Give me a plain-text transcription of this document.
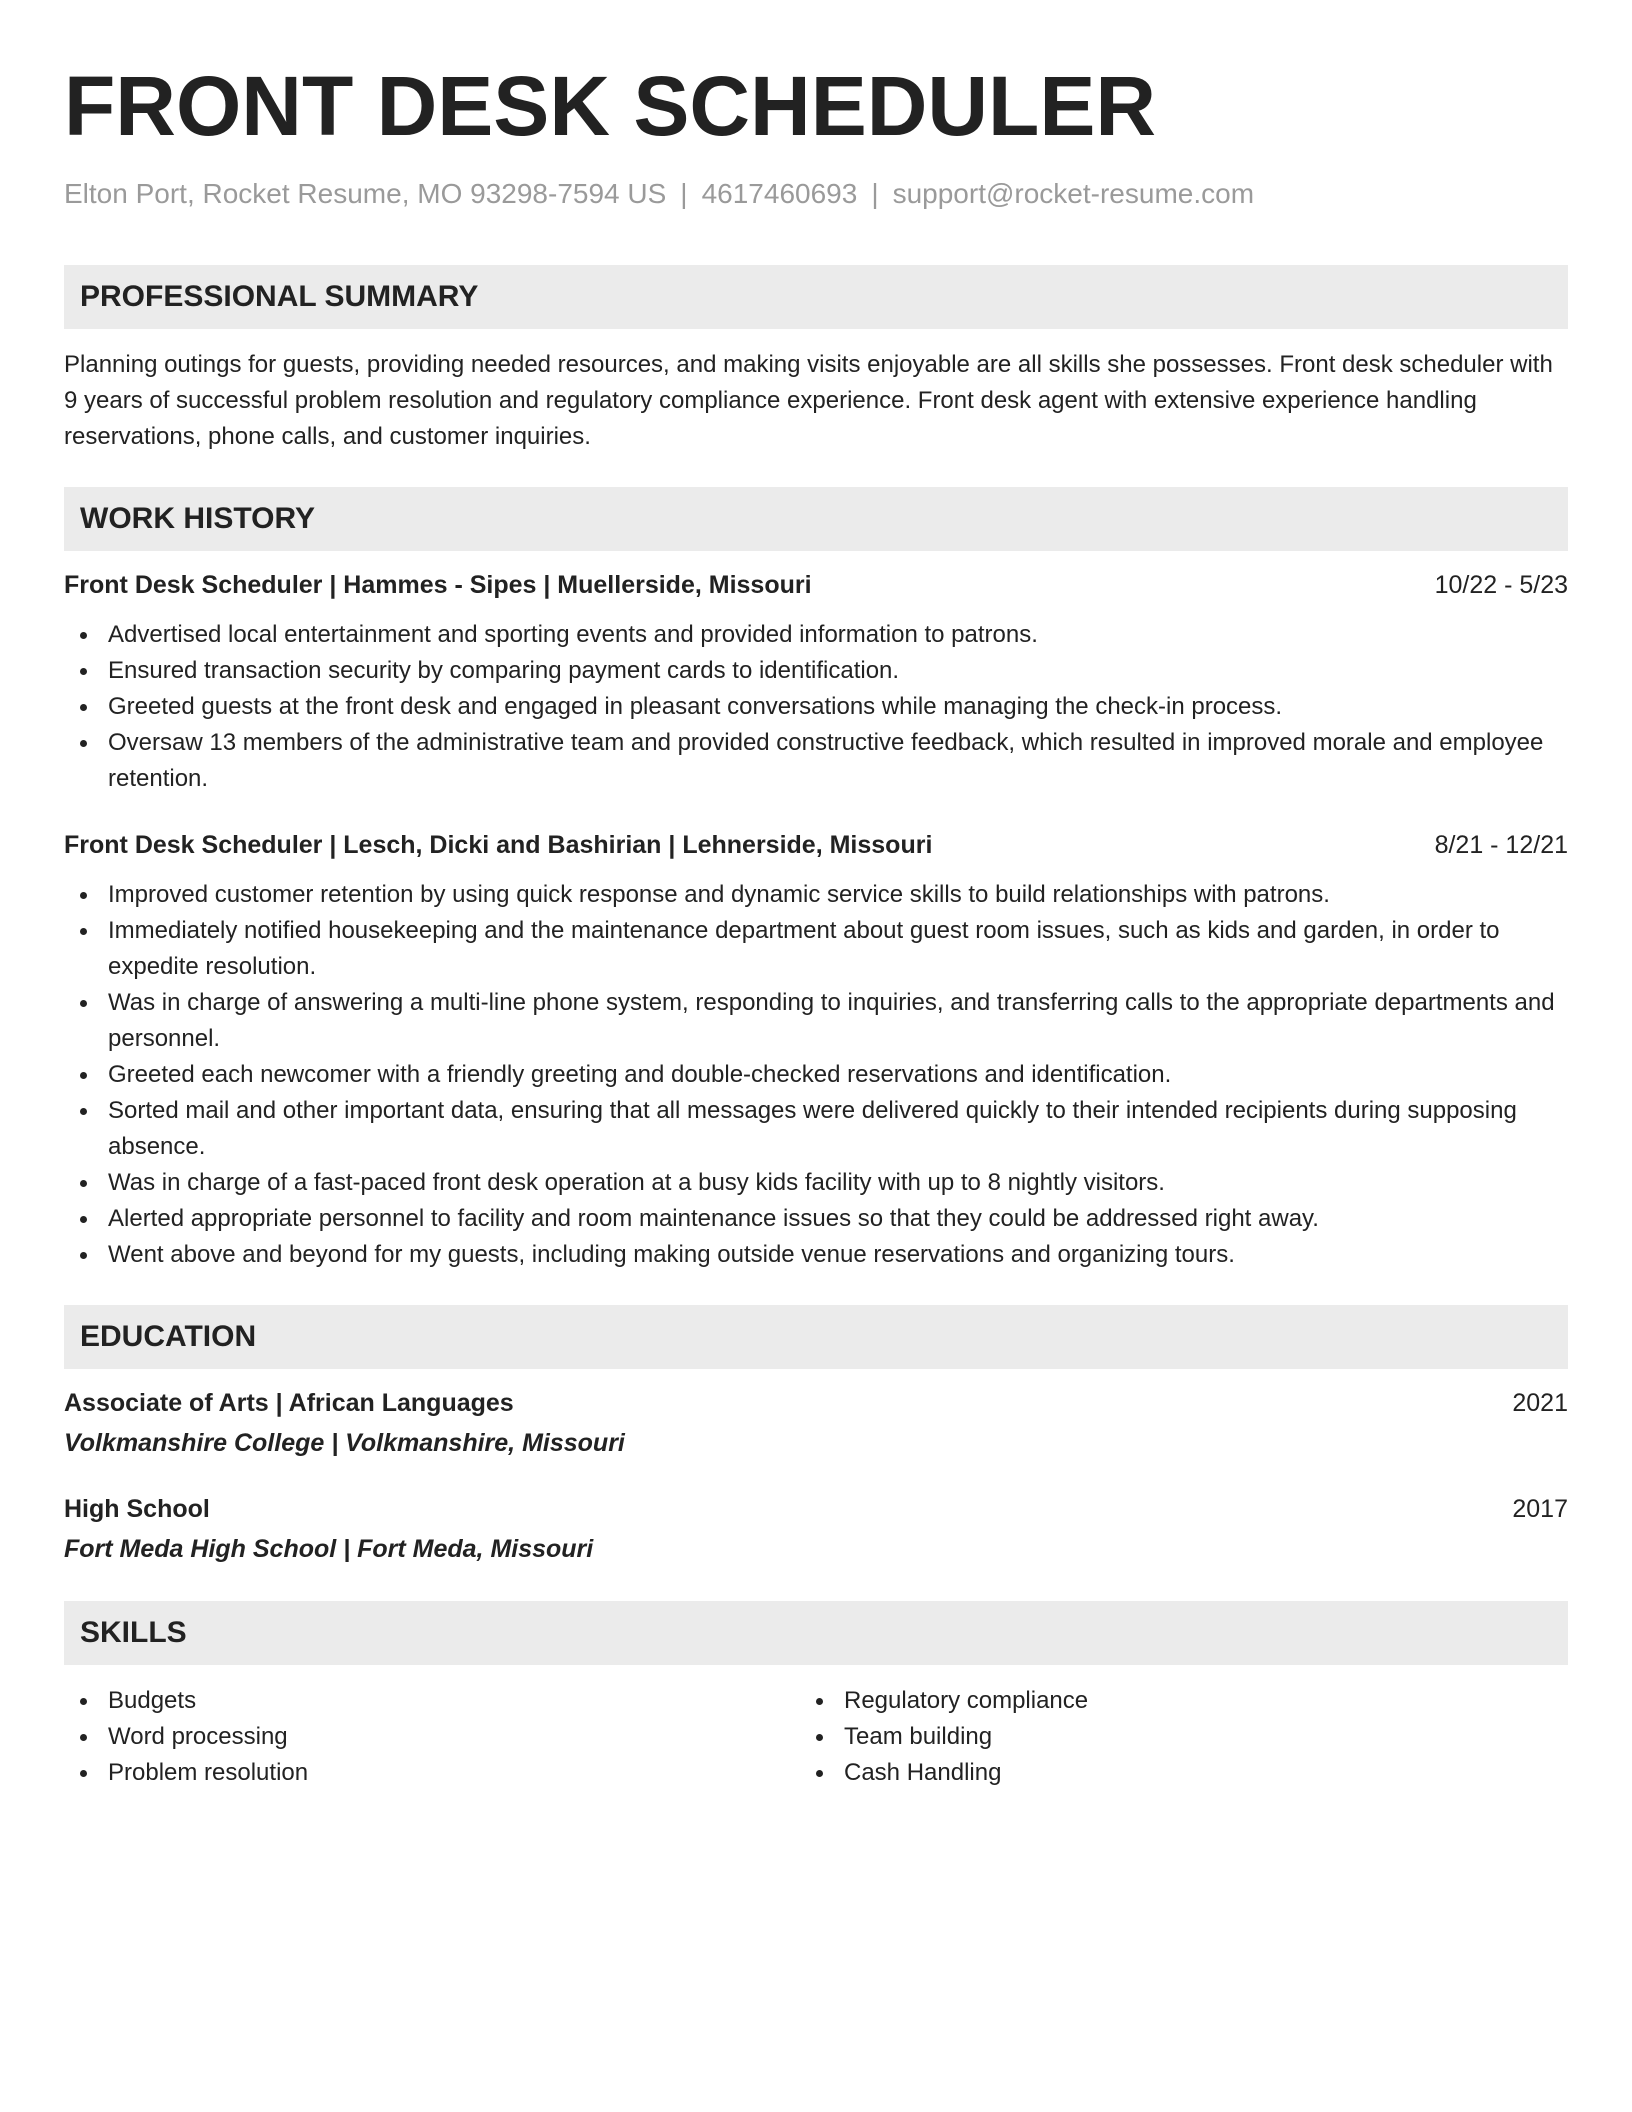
FRONT DESK SCHEDULER
Elton Port, Rocket Resume, MO 93298-7594 US | 4617460693 | support@rocket-resume.com
PROFESSIONAL SUMMARY
Planning outings for guests, providing needed resources, and making visits enjoyable are all skills she possesses. Front desk scheduler with 9 years of successful problem resolution and regulatory compliance experience. Front desk agent with extensive experience handling reservations, phone calls, and customer inquiries.
WORK HISTORY
Front Desk Scheduler | Hammes - Sipes | Muellerside, Missouri	10/22 - 5/23
Advertised local entertainment and sporting events and provided information to patrons.
Ensured transaction security by comparing payment cards to identification.
Greeted guests at the front desk and engaged in pleasant conversations while managing the check-in process.
Oversaw 13 members of the administrative team and provided constructive feedback, which resulted in improved morale and employee retention.
Front Desk Scheduler | Lesch, Dicki and Bashirian | Lehnerside, Missouri	8/21 - 12/21
Improved customer retention by using quick response and dynamic service skills to build relationships with patrons.
Immediately notified housekeeping and the maintenance department about guest room issues, such as kids and garden, in order to expedite resolution.
Was in charge of answering a multi-line phone system, responding to inquiries, and transferring calls to the appropriate departments and personnel.
Greeted each newcomer with a friendly greeting and double-checked reservations and identification.
Sorted mail and other important data, ensuring that all messages were delivered quickly to their intended recipients during supposing absence.
Was in charge of a fast-paced front desk operation at a busy kids facility with up to 8 nightly visitors.
Alerted appropriate personnel to facility and room maintenance issues so that they could be addressed right away.
Went above and beyond for my guests, including making outside venue reservations and organizing tours.
EDUCATION
Associate of Arts | African Languages	2021
Volkmanshire College | Volkmanshire, Missouri
High School	2017
Fort Meda High School | Fort Meda, Missouri
SKILLS
Budgets
Word processing
Problem resolution
Regulatory compliance
Team building
Cash Handling
